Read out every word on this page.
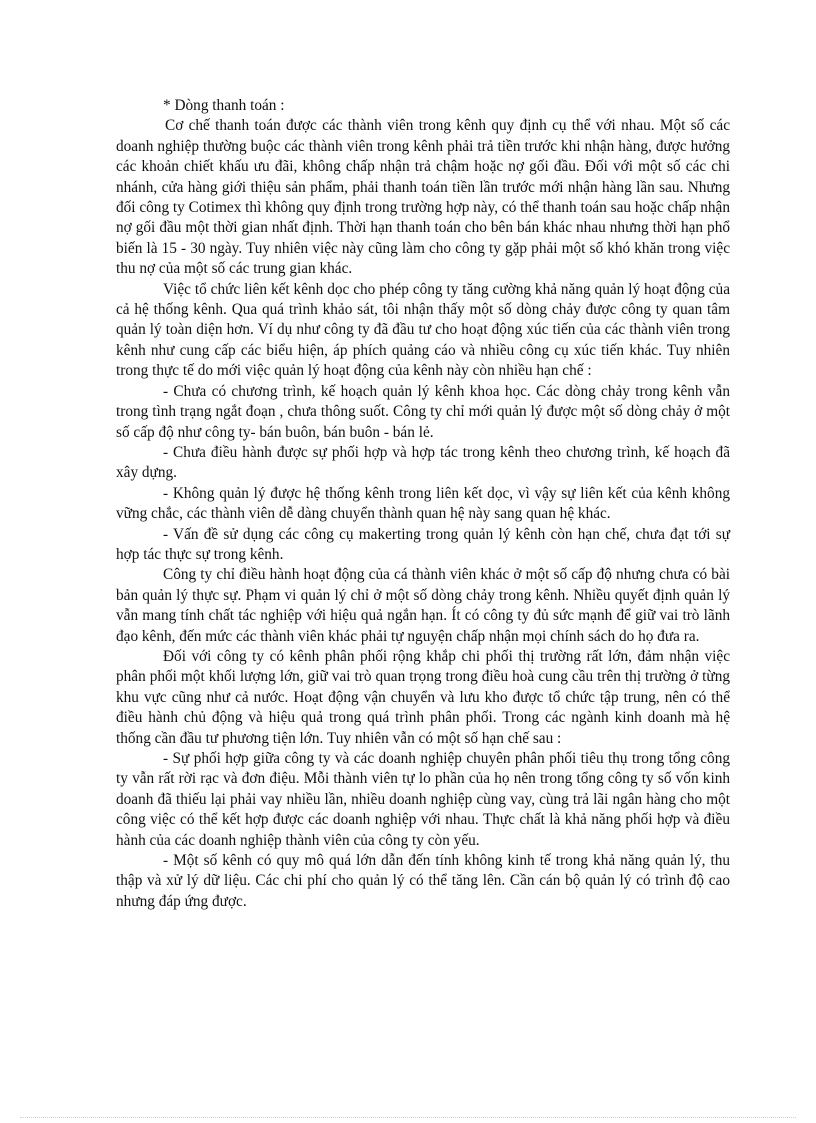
* Dòng thanh toán :

Cơ chế thanh toán được các thành viên trong kênh quy định cụ thể với nhau. Một số các doanh nghiệp thường buộc các thành viên trong kênh phải trả tiền trước khi nhận hàng, được hưởng các khoản chiết khấu ưu đãi, không chấp nhận trả chậm hoặc nợ gối đầu. Đối với một số các chi nhánh, cửa hàng giới thiệu sản phẩm, phải thanh toán tiền lần trước mới nhận hàng lần sau. Nhưng đối công ty Cotimex thì không quy định trong trường hợp này, có thể thanh toán sau hoặc chấp nhận nợ gối đầu một thời gian nhất định. Thời hạn thanh toán cho bên bán khác nhau nhưng thời hạn phổ biến là 15 - 30 ngày. Tuy nhiên việc này cũng làm cho công ty gặp phải một số khó khăn trong việc thu nợ của một số các trung gian khác.

Việc tổ chức liên kết kênh dọc cho phép công ty tăng cường khả năng quản lý hoạt động của cả hệ thống kênh. Qua quá trình khảo sát, tôi nhận thấy một số dòng chảy được công ty quan tâm quản lý toàn diện hơn. Ví dụ như công ty đã đầu tư cho hoạt động xúc tiến của các thành viên trong kênh như cung cấp các biểu hiện, áp phích quảng cáo và nhiều công cụ xúc tiến khác. Tuy nhiên trong thực tế do mới việc quản lý hoạt động của kênh này còn nhiều hạn chế :

- Chưa có chương trình, kế hoạch quản lý kênh khoa học. Các dòng chảy trong kênh vẫn trong tình trạng ngắt đoạn , chưa thông suốt. Công ty chỉ mới quản lý được một số dòng chảy ở một số cấp độ như công ty- bán buôn, bán buôn - bán lẻ.

- Chưa điều hành được sự phối hợp và hợp tác trong kênh theo chương trình, kế hoạch đã xây dựng.

- Không quản lý được hệ thống kênh trong liên kết dọc, vì vậy sự liên kết của kênh không vững chắc, các thành viên dễ dàng chuyển thành quan hệ này sang quan hệ khác.

- Vấn đề sử dụng các công cụ makerting trong quản lý kênh còn hạn chế, chưa đạt tới sự hợp tác thực sự trong kênh.

Công ty chỉ điều hành hoạt động của cá thành viên khác ở một số cấp độ nhưng chưa có bài bản quản lý thực sự. Phạm vi quản lý chỉ ở một số dòng chảy trong kênh. Nhiều quyết định quản lý vẫn mang tính chất tác nghiệp với hiệu quả ngắn hạn. Ít có công ty đủ sức mạnh để giữ vai trò lãnh đạo kênh, đến mức các thành viên khác phải tự nguyện chấp nhận mọi chính sách do họ đưa ra.

Đối với công ty có kênh phân phối rộng khắp chi phối thị trường rất lớn, đảm nhận việc phân phối một khối lượng lớn, giữ vai trò quan trọng trong điều hoà cung cầu trên thị trường ở từng khu vực cũng như cả nước. Hoạt động vận chuyển và lưu kho được tổ chức tập trung, nên có thể điều hành chủ động và hiệu quả trong quá trình phân phối. Trong các ngành kinh doanh mà hệ thống cần đầu tư phương tiện lớn. Tuy nhiên vẫn có một số hạn chế sau :

- Sự phối hợp giữa công ty và các doanh nghiệp chuyên phân phối tiêu thụ trong tổng công ty vẫn rất rời rạc và đơn điệu. Mỗi thành viên tự lo phần của họ nên trong tổng công ty số vốn kinh doanh đã thiếu lại phải vay nhiều lần, nhiều doanh nghiệp cùng vay, cùng trả lãi ngân hàng cho một công việc có thể kết hợp được các doanh nghiệp với nhau. Thực chất là khả năng phối hợp và điều hành của các doanh nghiệp thành viên của công ty còn yếu.

- Một số kênh có quy mô quá lớn dẫn đến tính không kinh tế trong khả năng quản lý, thu thập và xử lý dữ liệu. Các chi phí cho quản lý có thể tăng lên. Cần cán bộ quản lý có trình độ cao nhưng đáp ứng được.
